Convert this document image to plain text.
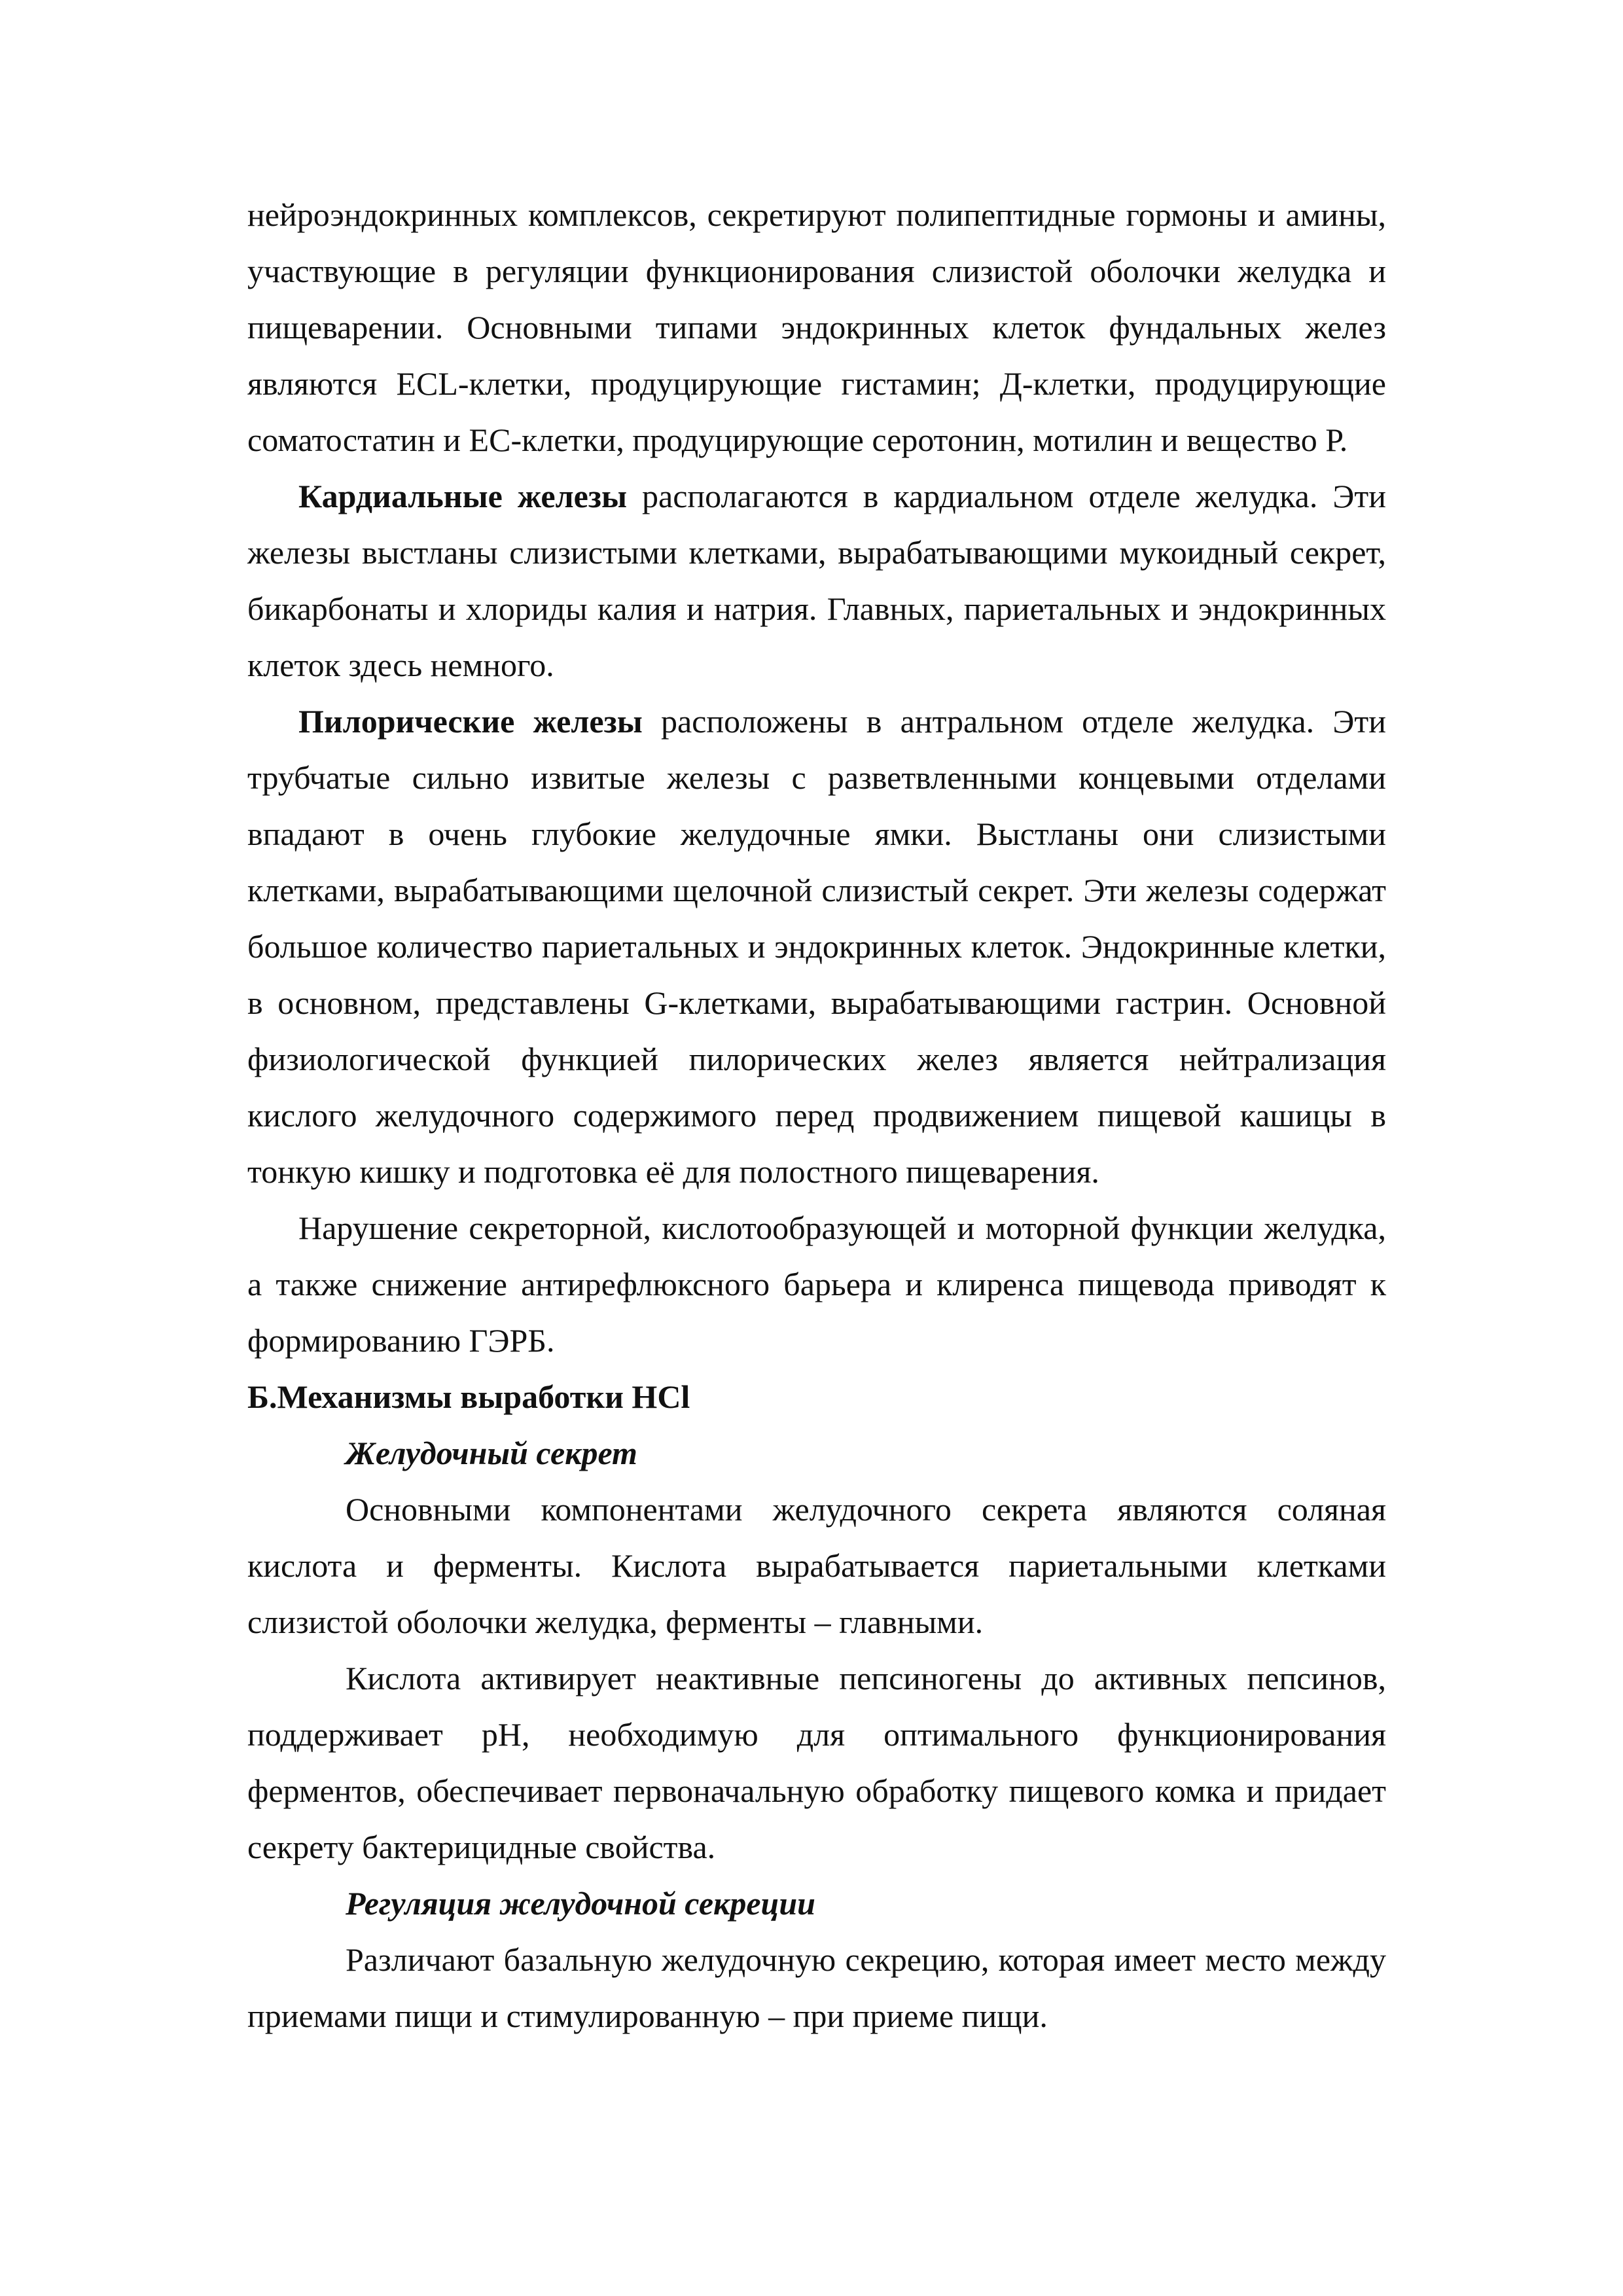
нейроэндокринных комплексов, секретируют полипептидные гормоны и амины, участвующие в регуляции функционирования слизистой оболочки желудка и пищеварении. Основными типами эндокринных клеток фундальных желез являются ECL-клетки, продуцирующие гистамин; Д-клетки, продуцирующие соматостатин и ЕС-клетки, продуцирующие серотонин, мотилин и вещество Р.

Кардиальные железы располагаются в кардиальном отделе желудка. Эти железы выстланы слизистыми клетками, вырабатывающими мукоидный секрет, бикарбонаты и хлориды калия и натрия. Главных, париетальных и эндокринных клеток здесь немного.

Пилорические железы расположены в антральном отделе желудка. Эти трубчатые сильно извитые железы с разветвленными концевыми отделами впадают в очень глубокие желудочные ямки. Выстланы они слизистыми клетками, вырабатывающими щелочной слизистый секрет. Эти железы содержат большое количество париетальных и эндокринных клеток. Эндокринные клетки, в основном, представлены G-клетками, вырабатывающими гастрин. Основной физиологической функцией пилорических желез является нейтрализация кислого желудочного содержимого перед продвижением пищевой кашицы в тонкую кишку и подготовка её для полостного пищеварения.

Нарушение секреторной, кислотообразующей и моторной функции желудка, а также снижение антирефлюксного барьера и клиренса пищевода приводят к формированию ГЭРБ.

Б.Механизмы выработки HCl

Желудочный секрет

Основными компонентами желудочного секрета являются соляная кислота и ферменты. Кислота вырабатывается париетальными клетками слизистой оболочки желудка, ферменты – главными.

Кислота активирует неактивные пепсиногены до активных пепсинов, поддерживает pH, необходимую для оптимального функционирования ферментов, обеспечивает первоначальную обработку пищевого комка и придает секрету бактерицидные свойства.

Регуляция желудочной секреции

Различают базальную желудочную секрецию, которая имеет место между приемами пищи и стимулированную – при приеме пищи.
